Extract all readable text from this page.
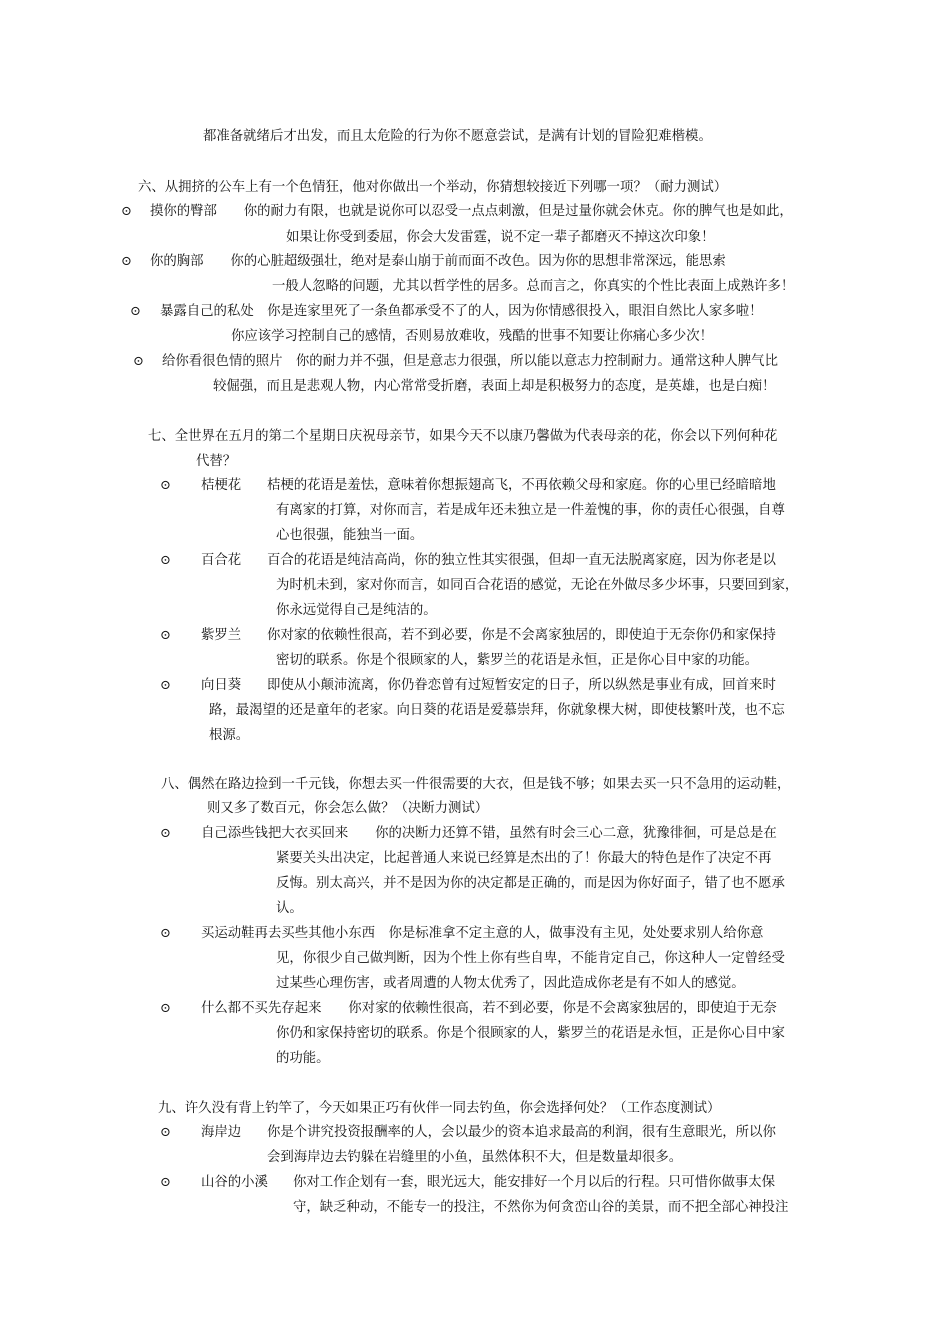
都准备就绪后才出发，而且太危险的行为你不愿意尝试，是满有计划的冒险犯难楷模。
六、从拥挤的公车上有一个色情狂，他对你做出一个举动，你猜想较接近下列哪一项？（耐力测试）
⊙ 摸你的臀部　　你的耐力有限，也就是说你可以忍受一点点刺激，但是过量你就会休克。你的脾气也是如此，
如果让你受到委屈，你会大发雷霆，说不定一辈子都磨灭不掉这次印象！
⊙ 你的胸部　　你的心脏超级强壮，绝对是泰山崩于前而面不改色。因为你的思想非常深远，能思索
一般人忽略的问题，尤其以哲学性的居多。总而言之，你真实的个性比表面上成熟许多！
⊙ 暴露自己的私处　你是连家里死了一条鱼都承受不了的人，因为你情感很投入，眼泪自然比人家多啦！
你应该学习控制自己的感情，否则易放难收，残酷的世事不知要让你痛心多少次！
⊙ 给你看很色情的照片　你的耐力并不强，但是意志力很强，所以能以意志力控制耐力。通常这种人脾气比
较倔强，而且是悲观人物，内心常常受折磨，表面上却是积极努力的态度，是英雄，也是白痴！
七、全世界在五月的第二个星期日庆祝母亲节，如果今天不以康乃馨做为代表母亲的花，你会以下列何种花
代替？
⊙ 桔梗花 桔梗的花语是羞怯，意味着你想振翅高飞，不再依赖父母和家庭。你的心里已经暗暗地
有离家的打算，对你而言，若是成年还未独立是一件羞愧的事，你的责任心很强，自尊
心也很强，能独当一面。
⊙ 百合花 百合的花语是纯洁高尚，你的独立性其实很强，但却一直无法脱离家庭，因为你老是以
为时机未到，家对你而言，如同百合花语的感觉，无论在外做尽多少坏事，只要回到家，
你永远觉得自己是纯洁的。
⊙ 紫罗兰 你对家的依赖性很高，若不到必要，你是不会离家独居的，即使迫于无奈你仍和家保持
密切的联系。你是个很顾家的人，紫罗兰的花语是永恒，正是你心目中家的功能。
⊙ 向日葵 即使从小颠沛流离，你仍眷恋曾有过短暂安定的日子，所以纵然是事业有成，回首来时
路，最渴望的还是童年的老家。向日葵的花语是爱慕崇拜，你就象棵大树，即使枝繁叶茂，也不忘
根源。
八、偶然在路边捡到一千元钱，你想去买一件很需要的大衣，但是钱不够；如果去买一只不急用的运动鞋，
则又多了数百元，你会怎么做？（决断力测试）
⊙ 自己添些钱把大衣买回来　　你的决断力还算不错，虽然有时会三心二意，犹豫徘徊，可是总是在
紧要关头出决定，比起普通人来说已经算是杰出的了！你最大的特色是作了决定不再
反悔。别太高兴，并不是因为你的决定都是正确的，而是因为你好面子，错了也不愿承
认。
⊙ 买运动鞋再去买些其他小东西　你是标准拿不定主意的人，做事没有主见，处处要求别人给你意
见，你很少自己做判断，因为个性上你有些自卑，不能肯定自己，你这种人一定曾经受
过某些心理伤害，或者周遭的人物太优秀了，因此造成你老是有不如人的感觉。
⊙ 什么都不买先存起来　　你对家的依赖性很高，若不到必要，你是不会离家独居的，即使迫于无奈
你仍和家保持密切的联系。你是个很顾家的人，紫罗兰的花语是永恒，正是你心目中家
的功能。
九、许久没有背上钓竿了，今天如果正巧有伙伴一同去钓鱼，你会选择何处？（工作态度测试）
⊙ 海岸边 你是个讲究投资报酬率的人，会以最少的资本追求最高的利润，很有生意眼光，所以你
会到海岸边去钓躲在岩缝里的小鱼，虽然体积不大，但是数量却很多。
⊙ 山谷的小溪 你对工作企划有一套，眼光远大，能安排好一个月以后的行程。只可惜你做事太保
守，缺乏种动，不能专一的投注，不然你为何贪峦山谷的美景，而不把全部心神投注
